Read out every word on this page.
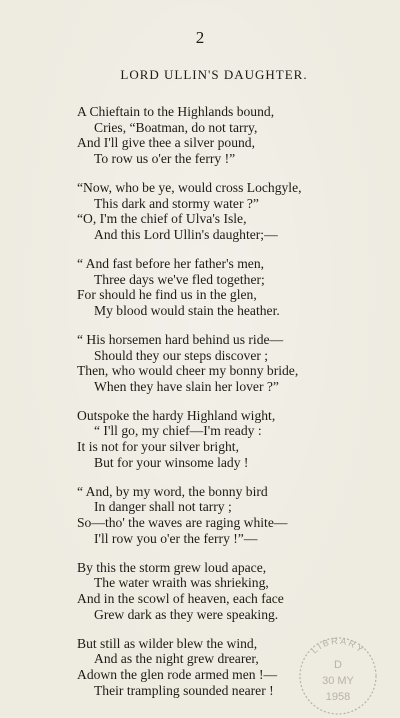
2
LORD ULLIN'S DAUGHTER.
A Chieftain to the Highlands bound,
Cries, “Boatman, do not tarry,
And I'll give thee a silver pound,
To row us o'er the ferry !”
“Now, who be ye, would cross Lochgyle,
This dark and stormy water ?”
“O, I'm the chief of Ulva's Isle,
And this Lord Ullin's daughter;—
“ And fast before her father's men,
Three days we've fled together;
For should he find us in the glen,
My blood would stain the heather.
“ His horsemen hard behind us ride—
Should they our steps discover ;
Then, who would cheer my bonny bride,
When they have slain her lover ?”
Outspoke the hardy Highland wight,
“ I'll go, my chief—I'm ready :
It is not for your silver bright,
But for your winsome lady !
“ And, by my word, the bonny bird
In danger shall not tarry ;
So—tho' the waves are raging white—
I'll row you o'er the ferry !”—
By this the storm grew loud apace,
The water wraith was shrieking,
And in the scowl of heaven, each face
Grew dark as they were speaking.
But still as wilder blew the wind,
And as the night grew drearer,
Adown the glen rode armed men !—
Their trampling sounded nearer !
LIBRARY
D
30 MY
1958
